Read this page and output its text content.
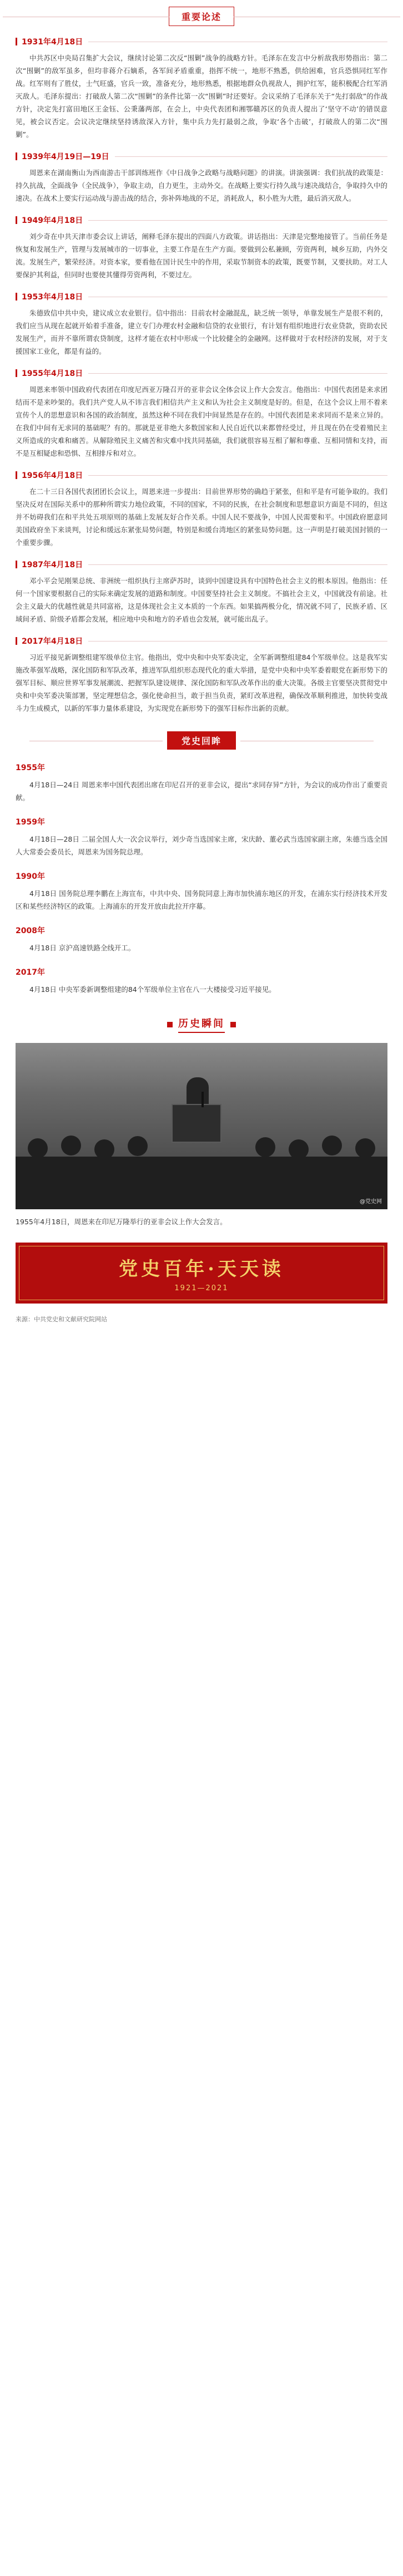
重要论述
1931年4月18日

中共苏区中央局召集扩大会议，继续讨论第二次反“围剿”战争的战略方针。毛泽东在发言中分析敌我形势指出：第二次“围剿”的敌军虽多，但均非蒋介石嫡系，各军间矛盾重重，指挥不统一，地形不熟悉，供给困难，官兵恐惧同红军作战。红军则有了胜仗，士气旺盛，官兵一致，准备充分，地形熟悉，根据地群众仇视敌人，拥护红军，能积极配合红军消灭敌人。毛泽东提出：打破敌人第二次“围剿”的条件比第一次“围剿”时还要好。会议采纳了毛泽东关于“先打弱敌”的作战方针，决定先打富田地区王金钰、公秉藩两部，在会上，中央代表团和湘鄂赣苏区的负责人提出了‘坚守不动’的错误意见，被会议否定。会议决定继续坚持诱敌深入方针，集中兵力先打最弱之敌，争取‘各个击破’，打破敌人的第二次“围剿”。

1939年4月19日—19日

周恩来在湖南衡山为西南游击干部训练班作《中日战争之政略与战略问题》的讲演。讲演强调：我们抗战的政策是：持久抗战，全面战争（全民战争），争取主动，自力更生，主动外交。在战略上要实行持久战与速决战结合，争取持久中的速决。在战术上要实行运动战与游击战的结合，弥补阵地战的不足，消耗敌人，积小胜为大胜，最后消灭敌人。

1949年4月18日

刘少奇在中共天津市委会议上讲话，阐释毛泽东提出的四面八方政策。讲话指出：天津是完整地接管了。当前任务是恢复和发展生产，管理与发展城市的一切事业，主要工作是在生产方面。要做到公私兼顾，劳资两利，城乡互助，内外交流。发展生产，繁荣经济。对资本家，要看他在国计民生中的作用，采取节制资本的政策，既要节制，又要扶助。对工人要保护其利益，但同时也要使其懂得劳资两利，不要过左。

1953年4月18日

朱德致信中共中央，建议成立农业银行。信中指出：目前农村金融混乱，缺乏统一领导，单靠发展生产是很不利的，我们应当从现在起就开始着手准备，建立专门办理农村金融和信贷的农业银行，有计划有组织地进行农业贷款，资助农民发展生产，而并不靠所谓农贷制度，这样才能在农村中形成一个比较健全的金融网。这样做对于农村经济的发展，对于支援国家工业化，都是有益的。

1955年4月18日

周恩来率领中国政府代表团在印度尼西亚万隆召开的亚非会议全体会议上作大会发言。他指出：中国代表团是来求团结而不是来吵架的。我们共产党人从不讳言我们相信共产主义和认为社会主义制度是好的。但是，在这个会议上用不着来宣传个人的思想意识和各国的政治制度，虽然这种不同在我们中间显然是存在的。中国代表团是来求同而不是来立异的。在我们中间有无求同的基础呢？有的。那就是亚非绝大多数国家和人民自近代以来都曾经受过，并且现在仍在受着殖民主义所造成的灾难和痛苦。从解除殖民主义痛苦和灾难中找共同基础，我们就很容易互相了解和尊重、互相同情和支持，而不是互相疑虑和恐惧、互相排斥和对立。

1956年4月18日

在二十三日各国代表团团长会议上，周恩来进一步提出：目前世界形势的确趋于紧张，但和平是有可能争取的。我们坚决反对在国际关系中的那种所谓实力地位政策，不同的国家，不同的民族，在社会制度和思想意识方面是不同的，但这并不妨碍我们在和平共处五项原则的基础上发展友好合作关系。中国人民不要战争，中国人民需要和平。中国政府愿意同美国政府坐下来谈判，讨论和缓远东紧张局势问题，特别是和缓台湾地区的紧张局势问题。这一声明是打破美国封锁的一个重要步骤。

1987年4月18日

邓小平会见刚果总统、非洲统一组织执行主席萨苏时，谈到中国建设具有中国特色社会主义的根本原因。他指出：任何一个国家要根据自己的实际来确定发展的道路和制度。中国要坚持社会主义制度。不搞社会主义，中国就没有前途。社会主义最大的优越性就是共同富裕，这是体现社会主义本质的一个东西。如果搞两极分化，情况就不同了，民族矛盾、区域间矛盾、阶级矛盾都会发展，相应地中央和地方的矛盾也会发展，就可能出乱子。

2017年4月18日

习近平接见新调整组建军级单位主官。他指出，党中央和中央军委决定，全军新调整组建84个军级单位。这是我军实施改革强军战略，深化国防和军队改革，推进军队组织形态现代化的重大举措，是党中央和中央军委着眼党在新形势下的强军目标、顺应世界军事发展潮流、把握军队建设规律、深化国防和军队改革作出的重大决策。各级主官要坚决贯彻党中央和中央军委决策部署，坚定理想信念，强化使命担当，敢于担当负责，紧盯改革进程，确保改革顺利推进，加快转变战斗力生成模式，以新的军事力量体系建设，为实现党在新形势下的强军目标作出新的贡献。

党史回眸
1955年

4月18日—24日 周恩来率中国代表团出席在印尼召开的亚非会议，提出“求同存异”方针，为会议的成功作出了重要贡献。

1959年

4月18日—28日 二届全国人大一次会议举行，刘少奇当选国家主席，宋庆龄、董必武当选国家副主席，朱德当选全国人大常委会委员长，周恩来为国务院总理。

1990年

4月18日 国务院总理李鹏在上海宣布，中共中央、国务院同意上海市加快浦东地区的开发，在浦东实行经济技术开发区和某些经济特区的政策。上海浦东的开发开放由此拉开序幕。

2008年

4月18日 京沪高速铁路全线开工。

2017年

4月18日 中央军委新调整组建的84个军级单位主官在八一大楼接受习近平接见。

历史瞬间
@党史网

1955年4月18日，周恩来在印尼万隆举行的亚非会议上作大会发言。

党史百年·天天读
1921—2021

来源：中共党史和文献研究院网站
